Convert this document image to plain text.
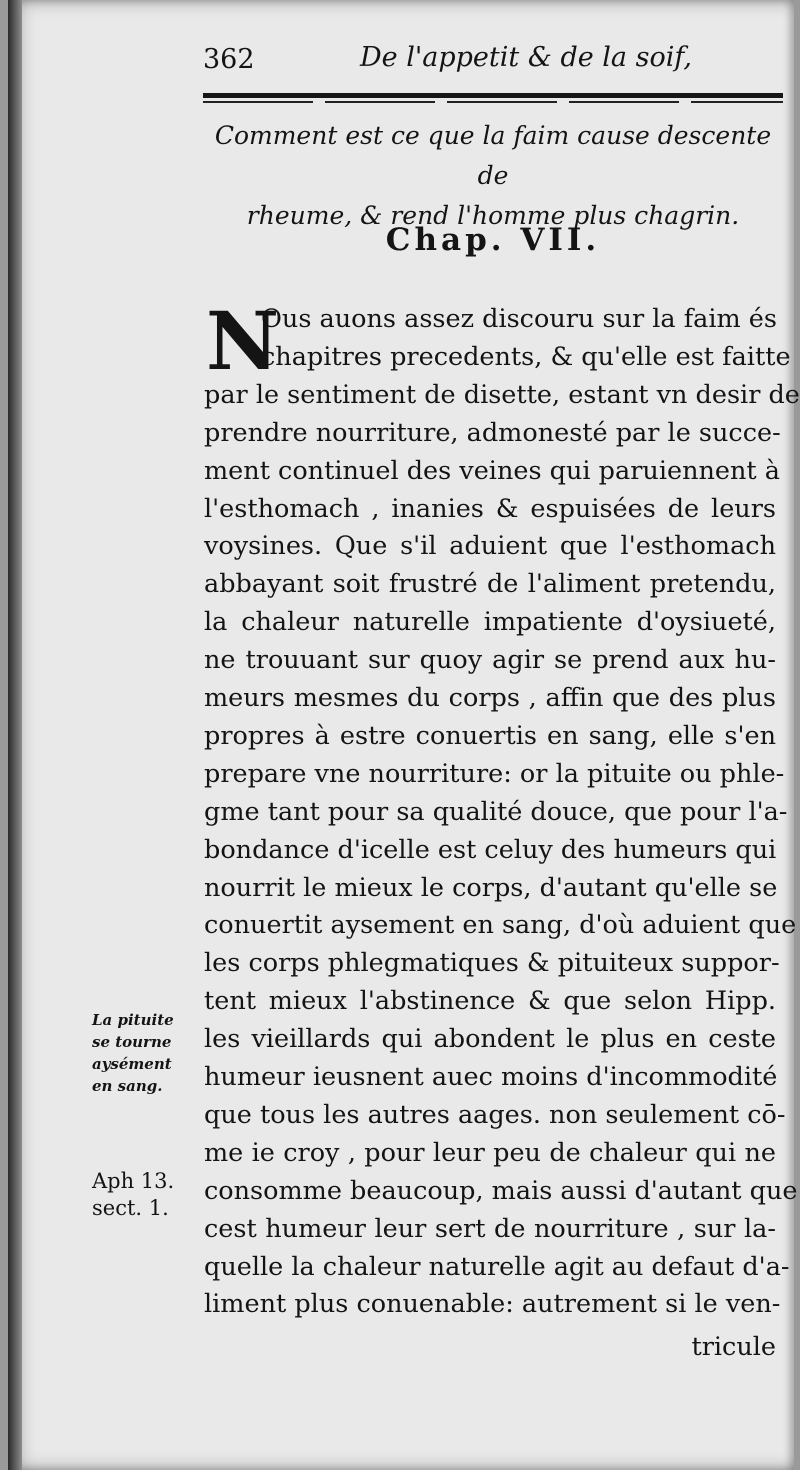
362	De l'appetit & de la soif,
Comment est ce que la faim cause descente de
rheume, & rend l'homme plus chagrin.
Chap. VII.
N
Ous auons assez discouru sur la faim és
chapitres precedents, & qu'elle est faitte
par le sentiment de disette, estant vn desir de
prendre nourriture, admonesté par le succe-
ment continuel des veines qui paruiennent à
l'esthomach , inanies & espuisées de leurs
voysines. Que s'il aduient que l'esthomach
abbayant soit frustré de l'aliment pretendu,
la chaleur naturelle impatiente d'oysiueté,
ne trouuant sur quoy agir se prend aux hu-
meurs mesmes du corps , affin que des plus
propres à estre conuertis en sang, elle s'en
prepare vne nourriture: or la pituite ou phle-
gme tant pour sa qualité douce, que pour l'a-
bondance d'icelle est celuy des humeurs qui
nourrit le mieux le corps, d'autant qu'elle se
conuertit aysement en sang, d'où aduient que
les corps phlegmatiques & pituiteux suppor-
tent mieux l'abstinence & que selon Hipp.
les vieillards qui abondent le plus en ceste
humeur ieusnent auec moins d'incommodité
que tous les autres aages. non seulement cō-
me ie croy , pour leur peu de chaleur qui ne
consomme beaucoup, mais aussi d'autant que
cest humeur leur sert de nourriture , sur la-
quelle la chaleur naturelle agit au defaut d'a-
liment plus conuenable: autrement si le ven-
tricule
La pituite
se tourne
aysément
en sang.
Aph 13.
sect. 1.
